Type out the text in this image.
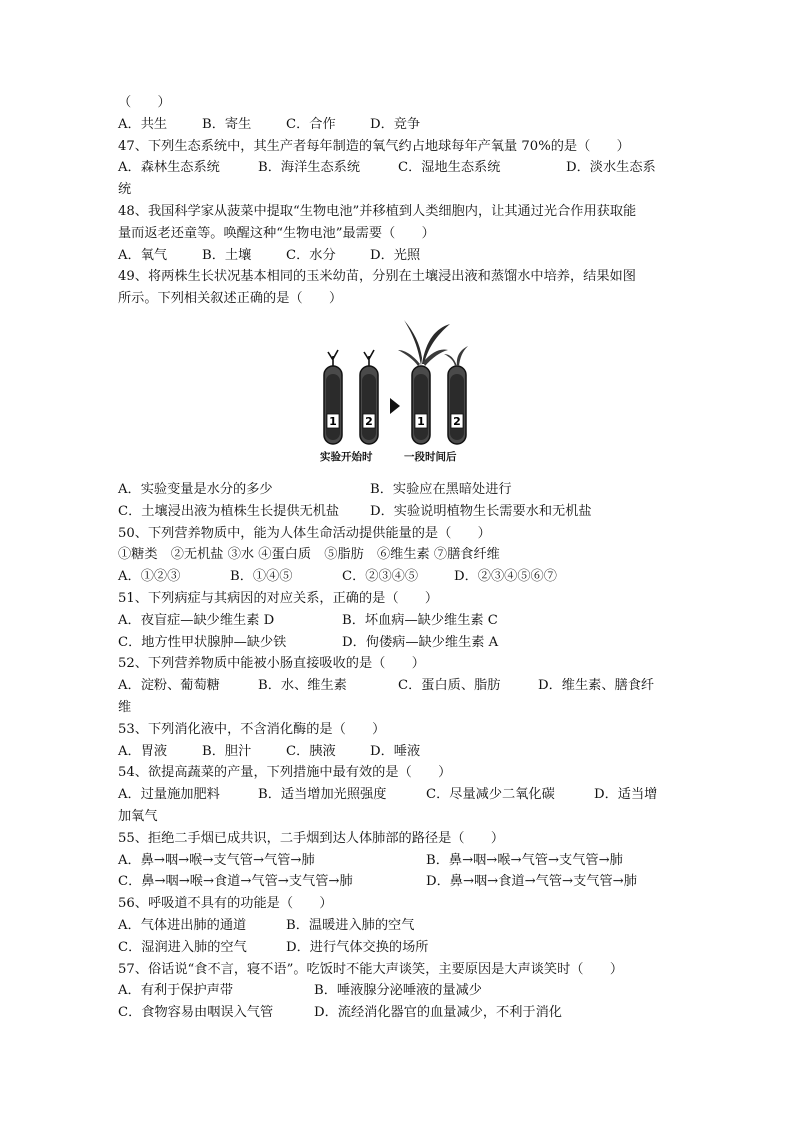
（　　）
A．共生	B．寄生	C．合作	D．竞争
47、下列生态系统中，其生产者每年制造的氧气约占地球每年产氧量 70%的是（　　）
A．森林生态系统	B．海洋生态系统	C．湿地生态系统	D．淡水生态系
统
48、我国科学家从菠菜中提取“生物电池”并移植到人类细胞内，让其通过光合作用获取能
量而返老还童等。唤醒这种“生物电池”最需要（　　）
A．氧气	B．土壤	C．水分	D．光照
49、将两株生长状况基本相同的玉米幼苗，分别在土壤浸出液和蒸馏水中培养，结果如图
所示。下列相关叙述正确的是（　　）
1	2	1	2
实验开始时	一段时间后
A．实验变量是水分的多少	B．实验应在黑暗处进行
C．土壤浸出液为植株生长提供无机盐	D．实验说明植物生长需要水和无机盐
50、下列营养物质中，能为人体生命活动提供能量的是（　　）
①糖类　②无机盐 ③水 ④蛋白质　⑤脂肪　⑥维生素 ⑦膳食纤维
A．①②③	B．①④⑤	C．②③④⑤	D．②③④⑤⑥⑦
51、下列病症与其病因的对应关系，正确的是（　　）
A．夜盲症—缺少维生素 D	B．坏血病—缺少维生素 C
C．地方性甲状腺肿—缺少铁	D．佝偻病—缺少维生素 A
52、下列营养物质中能被小肠直接吸收的是（　　）
A．淀粉、葡萄糖	B．水、维生素	C．蛋白质、脂肪	D．维生素、膳食纤
维
53、下列消化液中，不含消化酶的是（　　）
A．胃液	B．胆汁	C．胰液	D．唾液
54、欲提高蔬菜的产量，下列措施中最有效的是（　　）
A．过量施加肥料	B．适当增加光照强度	C．尽量减少二氧化碳	D．适当增
加氧气
55、拒绝二手烟已成共识，二手烟到达人体肺部的路径是（　　）
A．鼻→咽→喉→支气管→气管→肺	B．鼻→咽→喉→气管→支气管→肺
C．鼻→咽→喉→食道→气管→支气管→肺	D．鼻→咽→食道→气管→支气管→肺
56、呼吸道不具有的功能是（　　）
A．气体进出肺的通道	B．温暖进入肺的空气
C．湿润进入肺的空气	D．进行气体交换的场所
57、俗话说“食不言，寝不语”。吃饭时不能大声谈笑，主要原因是大声谈笑时（　　）
A．有利于保护声带	B．唾液腺分泌唾液的量减少
C．食物容易由咽误入气管	D．流经消化器官的血量减少，不利于消化
